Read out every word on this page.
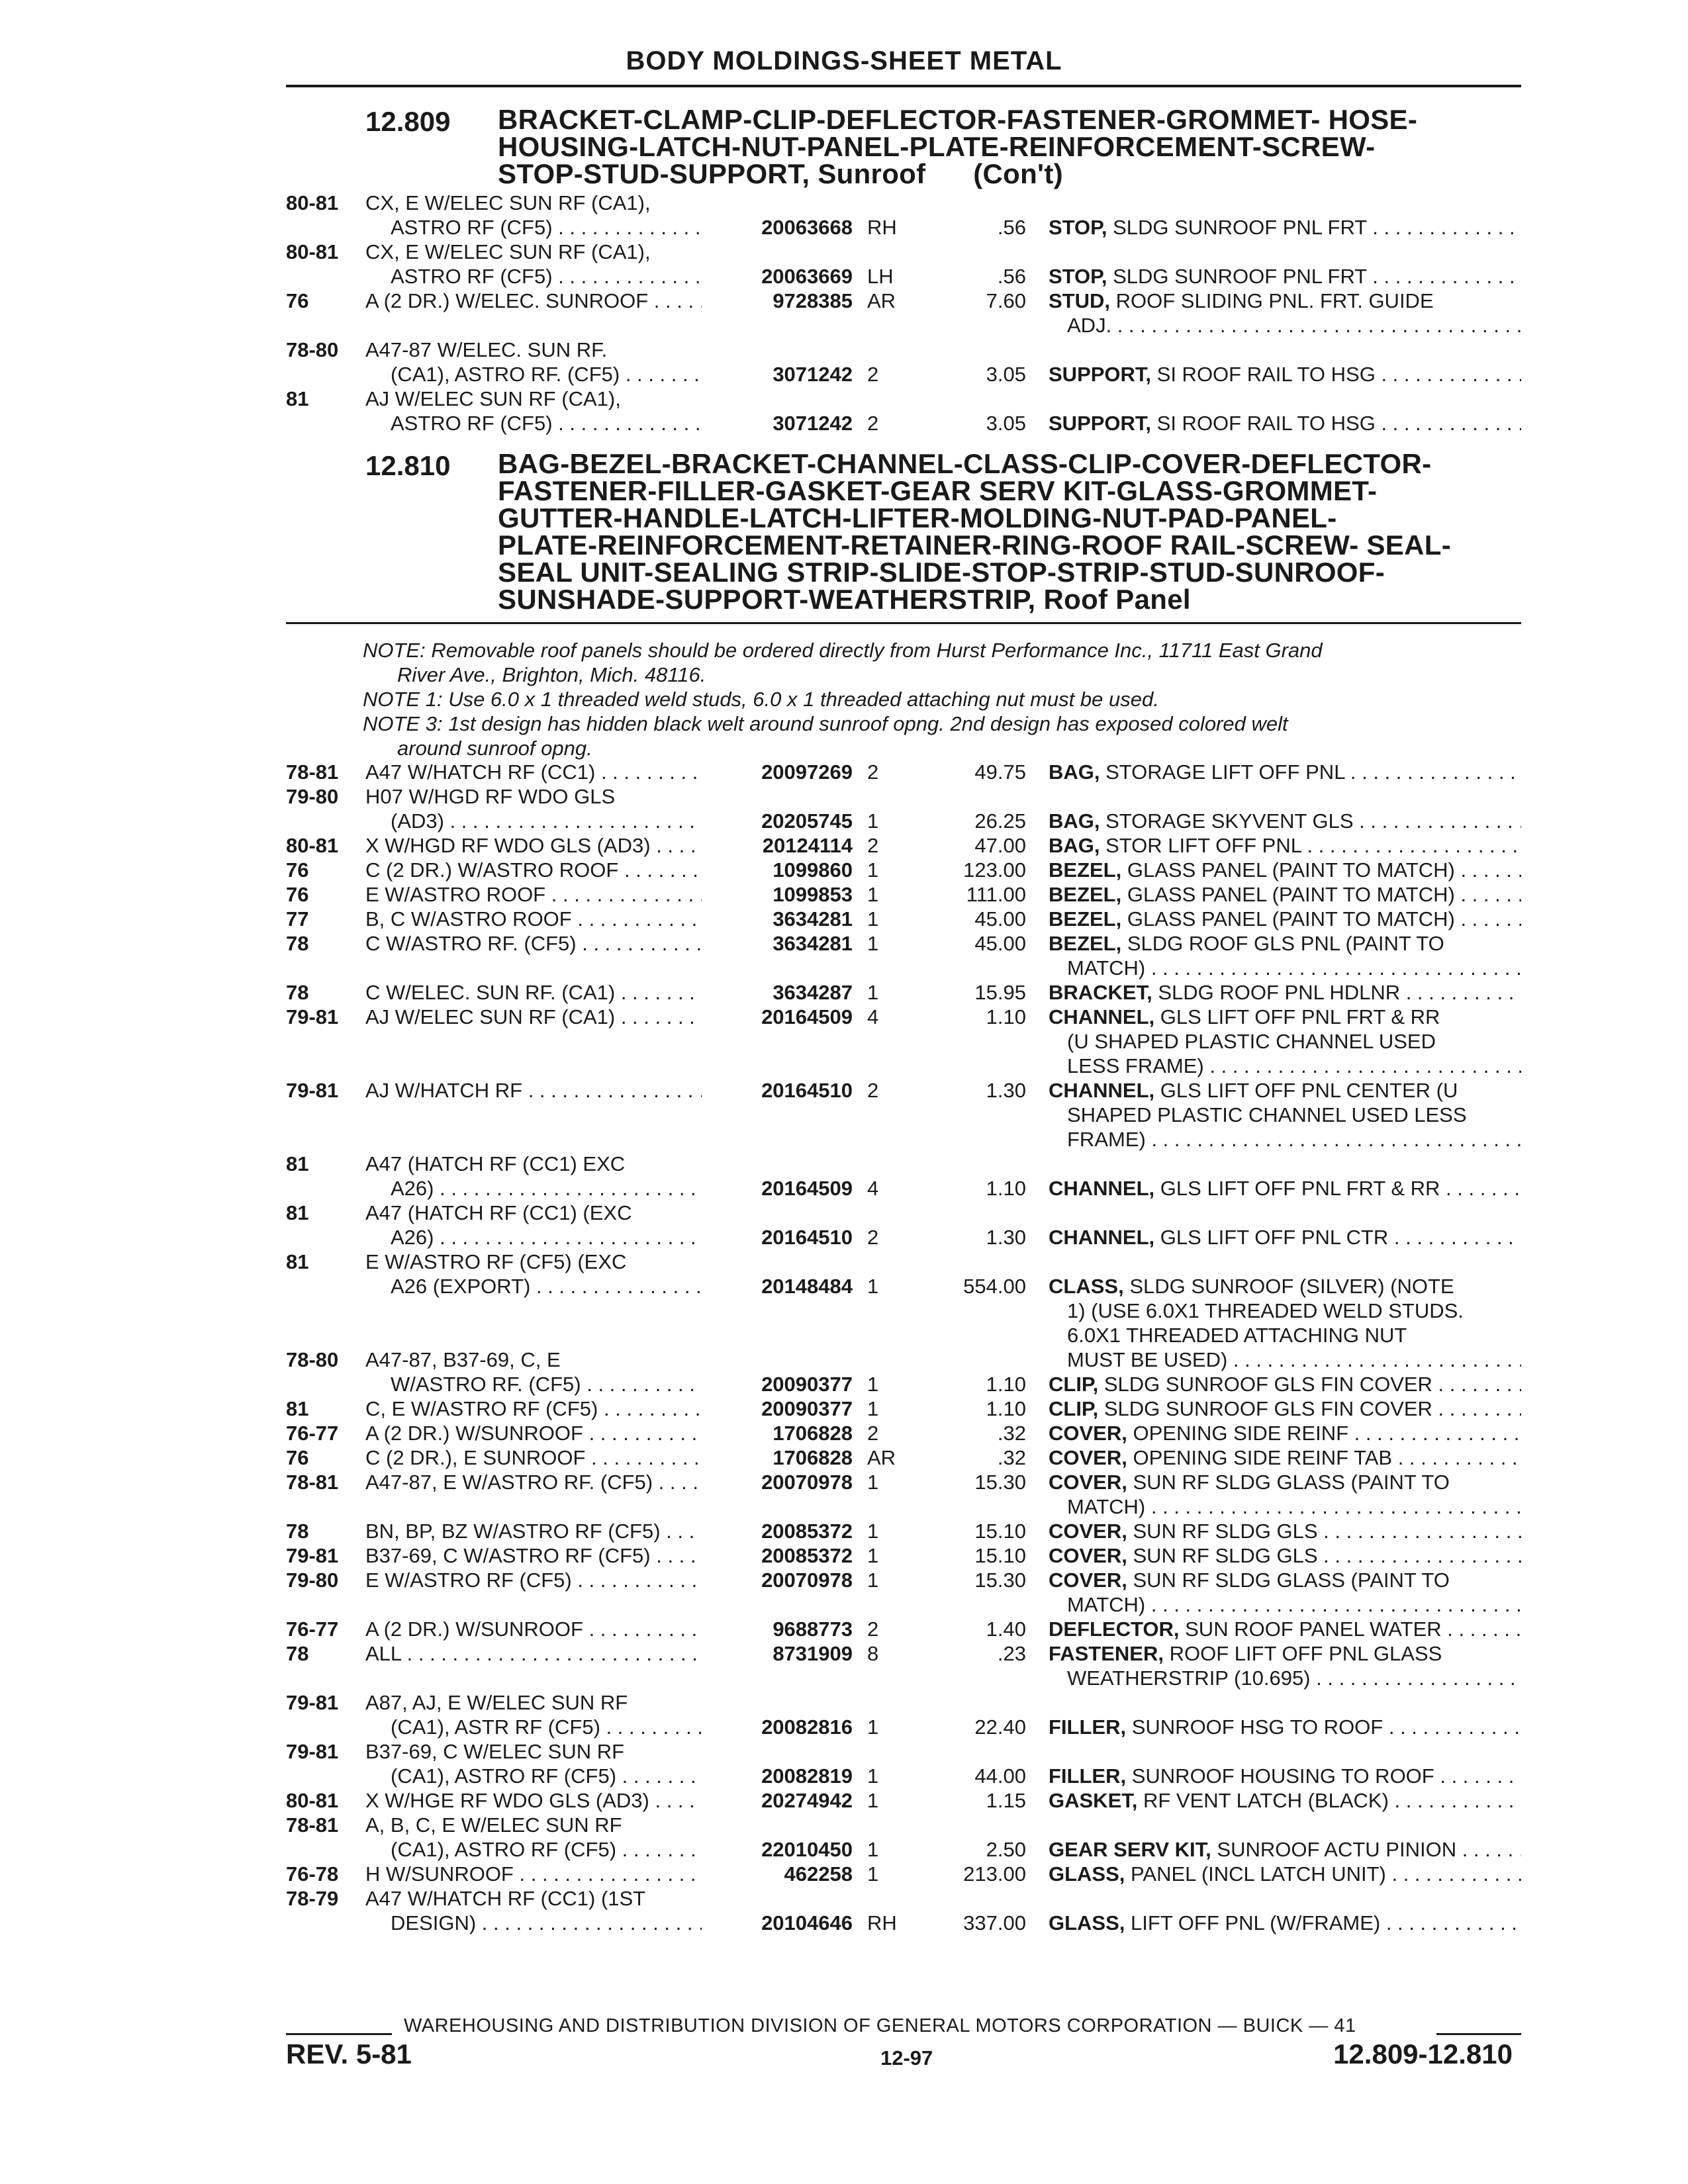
BODY MOLDINGS-SHEET METAL
12.809 BRACKET-CLAMP-CLIP-DEFLECTOR-FASTENER-GROMMET- HOSE-
HOUSING-LATCH-NUT-PANEL-PLATE-REINFORCEMENT-SCREW-
STOP-STUD-SUPPORT, Sunroof (Con't)
80-81	CX, E W/ELEC SUN RF (CA1),
ASTRO RF (CF5) . . .	20063668 RH	.56 STOP, SLDG SUNROOF PNL FRT . . .
80-81	CX, E W/ELEC SUN RF (CA1),
ASTRO RF (CF5) . . .	20063669 LH	.56 STOP, SLDG SUNROOF PNL FRT . . .
76	A (2 DR.) W/ELEC. SUNROOF . . .	9728385 AR	7.60 STUD, ROOF SLIDING PNL. FRT. GUIDE
ADJ. . . .
78-80	A47-87 W/ELEC. SUN RF.
(CA1), ASTRO RF. (CF5) . . .	3071242 2	3.05 SUPPORT, SI ROOF RAIL TO HSG . . .
81	AJ W/ELEC SUN RF (CA1),
ASTRO RF (CF5) . . .	3071242 2	3.05 SUPPORT, SI ROOF RAIL TO HSG . . .
12.810 BAG-BEZEL-BRACKET-CHANNEL-CLASS-CLIP-COVER-DEFLECTOR-
FASTENER-FILLER-GASKET-GEAR SERV KIT-GLASS-GROMMET-
GUTTER-HANDLE-LATCH-LIFTER-MOLDING-NUT-PAD-PANEL-
PLATE-REINFORCEMENT-RETAINER-RING-ROOF RAIL-SCREW- SEAL-
SEAL UNIT-SEALING STRIP-SLIDE-STOP-STRIP-STUD-SUNROOF-
SUNSHADE-SUPPORT-WEATHERSTRIP, Roof Panel
NOTE: Removable roof panels should be ordered directly from Hurst Performance Inc., 11711 East Grand
River Ave., Brighton, Mich. 48116.
NOTE 1: Use 6.0 x 1 threaded weld studs, 6.0 x 1 threaded attaching nut must be used.
NOTE 3: 1st design has hidden black welt around sunroof opng. 2nd design has exposed colored welt
around sunroof opng.
78-81	A47 W/HATCH RF (CC1) . . .	20097269 2	49.75 BAG, STORAGE LIFT OFF PNL . . .
79-80	H07 W/HGD RF WDO GLS
(AD3) . . .	20205745 1	26.25 BAG, STORAGE SKYVENT GLS . . .
80-81	X W/HGD RF WDO GLS (AD3) . . .	20124114 2	47.00 BAG, STOR LIFT OFF PNL . . .
76	C (2 DR.) W/ASTRO ROOF . . .	1099860 1	123.00 BEZEL, GLASS PANEL (PAINT TO MATCH) . . .
76	E W/ASTRO ROOF . . .	1099853 1	111.00 BEZEL, GLASS PANEL (PAINT TO MATCH) . . .
77	B, C W/ASTRO ROOF . . .	3634281 1	45.00 BEZEL, GLASS PANEL (PAINT TO MATCH) . . .
78	C W/ASTRO RF. (CF5) . . .	3634281 1	45.00 BEZEL, SLDG ROOF GLS PNL (PAINT TO
MATCH) . . .
78	C W/ELEC. SUN RF. (CA1) . . .	3634287 1	15.95 BRACKET, SLDG ROOF PNL HDLNR . . .
79-81	AJ W/ELEC SUN RF (CA1) . . .	20164509 4	1.10 CHANNEL, GLS LIFT OFF PNL FRT & RR
(U SHAPED PLASTIC CHANNEL USED
LESS FRAME) . . .
79-81	AJ W/HATCH RF . . .	20164510 2	1.30 CHANNEL, GLS LIFT OFF PNL CENTER (U
SHAPED PLASTIC CHANNEL USED LESS
FRAME) . . .
81	A47 (HATCH RF (CC1) EXC
A26) . . .	20164509 4	1.10 CHANNEL, GLS LIFT OFF PNL FRT & RR . . .
81	A47 (HATCH RF (CC1) (EXC
A26) . . .	20164510 2	1.30 CHANNEL, GLS LIFT OFF PNL CTR . . .
81	E W/ASTRO RF (CF5) (EXC
A26 (EXPORT) . . .	20148484 1	554.00 CLASS, SLDG SUNROOF (SILVER) (NOTE
1) (USE 6.0X1 THREADED WELD STUDS.
6.0X1 THREADED ATTACHING NUT
MUST BE USED) . . .
78-80	A47-87, B37-69, C, E
W/ASTRO RF. (CF5) . . .	20090377 1	1.10 CLIP, SLDG SUNROOF GLS FIN COVER . . .
81	C, E W/ASTRO RF (CF5) . . .	20090377 1	1.10 CLIP, SLDG SUNROOF GLS FIN COVER . . .
76-77	A (2 DR.) W/SUNROOF . . .	1706828 2	.32 COVER, OPENING SIDE REINF . . .
76	C (2 DR.), E SUNROOF . . .	1706828 AR	.32 COVER, OPENING SIDE REINF TAB . . .
78-81	A47-87, E W/ASTRO RF. (CF5) . . .	20070978 1	15.30 COVER, SUN RF SLDG GLASS (PAINT TO
MATCH) . . .
78	BN, BP, BZ W/ASTRO RF (CF5) . . .	20085372 1	15.10 COVER, SUN RF SLDG GLS . . .
79-81	B37-69, C W/ASTRO RF (CF5) . . .	20085372 1	15.10 COVER, SUN RF SLDG GLS . . .
79-80	E W/ASTRO RF (CF5) . . .	20070978 1	15.30 COVER, SUN RF SLDG GLASS (PAINT TO
MATCH) . . .
76-77	A (2 DR.) W/SUNROOF . . .	9688773 2	1.40 DEFLECTOR, SUN ROOF PANEL WATER . . .
78	ALL . . .	8731909 8	.23 FASTENER, ROOF LIFT OFF PNL GLASS
WEATHERSTRIP (10.695) . . .
79-81	A87, AJ, E W/ELEC SUN RF
(CA1), ASTR RF (CF5) . . .	20082816 1	22.40 FILLER, SUNROOF HSG TO ROOF . . .
79-81	B37-69, C W/ELEC SUN RF
(CA1), ASTRO RF (CF5) . . .	20082819 1	44.00 FILLER, SUNROOF HOUSING TO ROOF . . .
80-81	X W/HGE RF WDO GLS (AD3) . . .	20274942 1	1.15 GASKET, RF VENT LATCH (BLACK) . . .
78-81	A, B, C, E W/ELEC SUN RF
(CA1), ASTRO RF (CF5) . . .	22010450 1	2.50 GEAR SERV KIT, SUNROOF ACTU PINION . . .
76-78	H W/SUNROOF . . .	462258 1	213.00 GLASS, PANEL (INCL LATCH UNIT) . . .
78-79	A47 W/HATCH RF (CC1) (1ST
DESIGN) . . .	20104646 RH	337.00 GLASS, LIFT OFF PNL (W/FRAME) . . .
WAREHOUSING AND DISTRIBUTION DIVISION OF GENERAL MOTORS CORPORATION — BUICK — 41
REV. 5-81	12-97	12.809-12.810
